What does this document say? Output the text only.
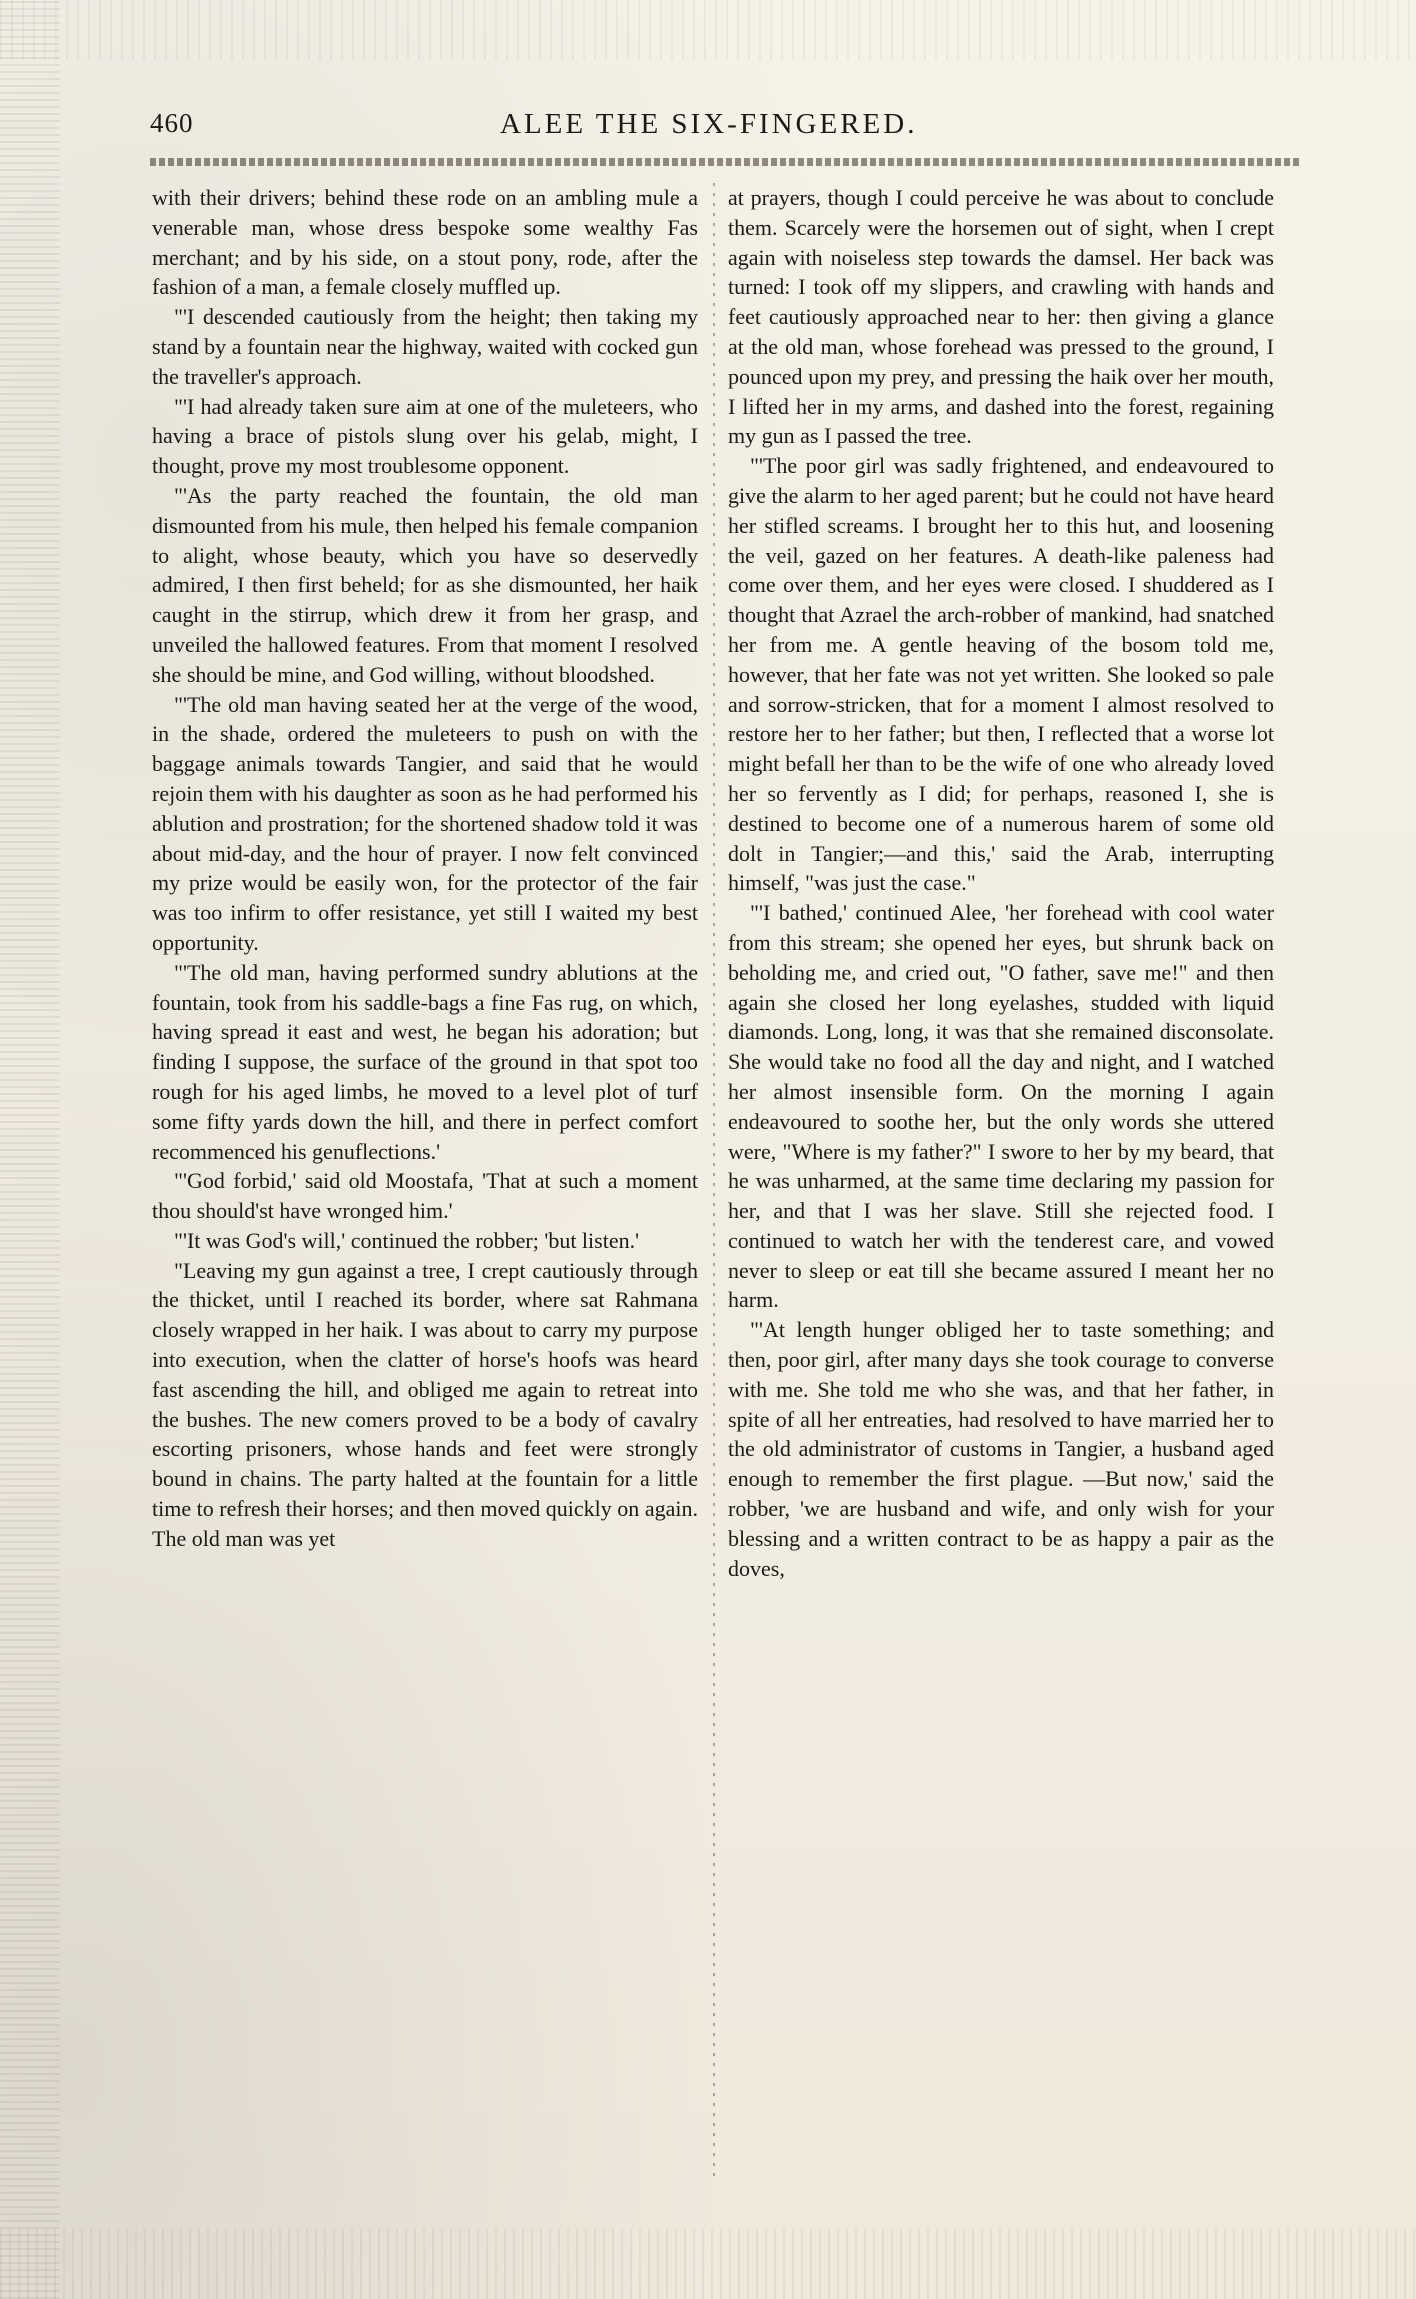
460	ALEE THE SIX-FINGERED.

with their drivers; behind these rode on an ambling mule a venerable man, whose dress bespoke some wealthy Fas merchant; and by his side, on a stout pony, rode, after the fashion of a man, a female closely muffled up.

"'I descended cautiously from the height; then taking my stand by a fountain near the highway, waited with cocked gun the traveller's approach.

"'I had already taken sure aim at one of the muleteers, who having a brace of pistols slung over his gelab, might, I thought, prove my most troublesome opponent.

"'As the party reached the fountain, the old man dismounted from his mule, then helped his female companion to alight, whose beauty, which you have so deservedly admired, I then first beheld; for as she dismounted, her haik caught in the stirrup, which drew it from her grasp, and unveiled the hallowed features. From that moment I resolved she should be mine, and God willing, without bloodshed.

"'The old man having seated her at the verge of the wood, in the shade, ordered the muleteers to push on with the baggage animals towards Tangier, and said that he would rejoin them with his daughter as soon as he had performed his ablution and prostration; for the shortened shadow told it was about mid-day, and the hour of prayer. I now felt convinced my prize would be easily won, for the protector of the fair was too infirm to offer resistance, yet still I waited my best opportunity.

"'The old man, having performed sundry ablutions at the fountain, took from his saddle-bags a fine Fas rug, on which, having spread it east and west, he began his adoration; but finding I suppose, the surface of the ground in that spot too rough for his aged limbs, he moved to a level plot of turf some fifty yards down the hill, and there in perfect comfort recommenced his genuflections.'

"'God forbid,' said old Moostafa, 'That at such a moment thou should'st have wronged him.'

"'It was God's will,' continued the robber; 'but listen.'

"Leaving my gun against a tree, I crept cautiously through the thicket, until I reached its border, where sat Rahmana closely wrapped in her haik. I was about to carry my purpose into execution, when the clatter of horse's hoofs was heard fast ascending the hill, and obliged me again to retreat into the bushes. The new comers proved to be a body of cavalry escorting prisoners, whose hands and feet were strongly bound in chains. The party halted at the fountain for a little time to refresh their horses; and then moved quickly on again. The old man was yet

at prayers, though I could perceive he was about to conclude them. Scarcely were the horsemen out of sight, when I crept again with noiseless step towards the damsel. Her back was turned: I took off my slippers, and crawling with hands and feet cautiously approached near to her: then giving a glance at the old man, whose forehead was pressed to the ground, I pounced upon my prey, and pressing the haik over her mouth, I lifted her in my arms, and dashed into the forest, regaining my gun as I passed the tree.

"'The poor girl was sadly frightened, and endeavoured to give the alarm to her aged parent; but he could not have heard her stifled screams. I brought her to this hut, and loosening the veil, gazed on her features. A death-like paleness had come over them, and her eyes were closed. I shuddered as I thought that Azrael the arch-robber of mankind, had snatched her from me. A gentle heaving of the bosom told me, however, that her fate was not yet written. She looked so pale and sorrow-stricken, that for a moment I almost resolved to restore her to her father; but then, I reflected that a worse lot might befall her than to be the wife of one who already loved her so fervently as I did; for perhaps, reasoned I, she is destined to become one of a numerous harem of some old dolt in Tangier;—and this,' said the Arab, interrupting himself, "was just the case."

"'I bathed,' continued Alee, 'her forehead with cool water from this stream; she opened her eyes, but shrunk back on beholding me, and cried out, "O father, save me!" and then again she closed her long eyelashes, studded with liquid diamonds. Long, long, it was that she remained disconsolate. She would take no food all the day and night, and I watched her almost insensible form. On the morning I again endeavoured to soothe her, but the only words she uttered were, "Where is my father?" I swore to her by my beard, that he was unharmed, at the same time declaring my passion for her, and that I was her slave. Still she rejected food. I continued to watch her with the tenderest care, and vowed never to sleep or eat till she became assured I meant her no harm.

"'At length hunger obliged her to taste something; and then, poor girl, after many days she took courage to converse with me. She told me who she was, and that her father, in spite of all her entreaties, had resolved to have married her to the old administrator of customs in Tangier, a husband aged enough to remember the first plague. —But now,' said the robber, 'we are husband and wife, and only wish for your blessing and a written contract to be as happy a pair as the doves,
